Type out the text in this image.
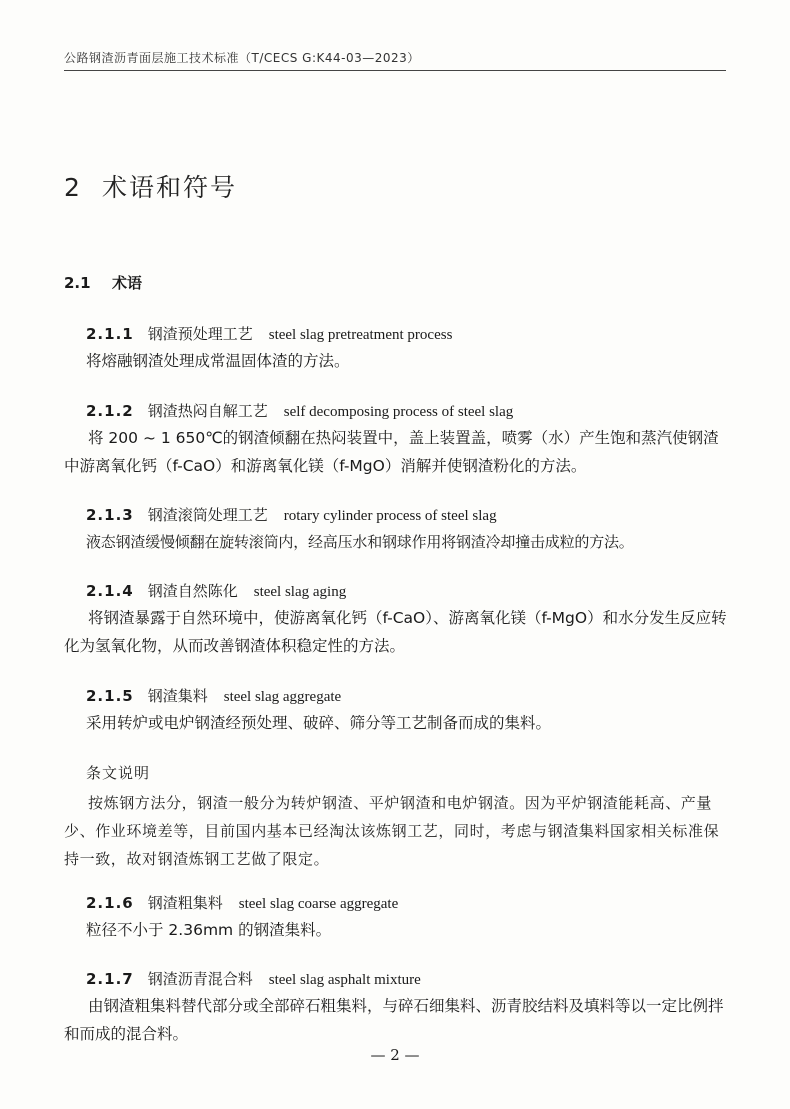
公路钢渣沥青面层施工技术标准（T/CECS G:K44-03—2023）
2 术语和符号
2.1 术语
2.1.1 钢渣预处理工艺 steel slag pretreatment process
将熔融钢渣处理成常温固体渣的方法。
2.1.2 钢渣热闷自解工艺 self decomposing process of steel slag
将 200 ~ 1 650℃的钢渣倾翻在热闷装置中，盖上装置盖，喷雾（水）产生饱和蒸汽使钢渣中游离氧化钙（f-CaO）和游离氧化镁（f-MgO）消解并使钢渣粉化的方法。
2.1.3 钢渣滚筒处理工艺 rotary cylinder process of steel slag
液态钢渣缓慢倾翻在旋转滚筒内，经高压水和钢球作用将钢渣冷却撞击成粒的方法。
2.1.4 钢渣自然陈化 steel slag aging
将钢渣暴露于自然环境中，使游离氧化钙（f-CaO）、游离氧化镁（f-MgO）和水分发生反应转化为氢氧化物，从而改善钢渣体积稳定性的方法。
2.1.5 钢渣集料 steel slag aggregate
采用转炉或电炉钢渣经预处理、破碎、筛分等工艺制备而成的集料。
条文说明
按炼钢方法分，钢渣一般分为转炉钢渣、平炉钢渣和电炉钢渣。因为平炉钢渣能耗高、产量少、作业环境差等，目前国内基本已经淘汰该炼钢工艺，同时，考虑与钢渣集料国家相关标准保持一致，故对钢渣炼钢工艺做了限定。
2.1.6 钢渣粗集料 steel slag coarse aggregate
粒径不小于 2.36mm 的钢渣集料。
2.1.7 钢渣沥青混合料 steel slag asphalt mixture
由钢渣粗集料替代部分或全部碎石粗集料，与碎石细集料、沥青胶结料及填料等以一定比例拌和而成的混合料。
— 2 —
